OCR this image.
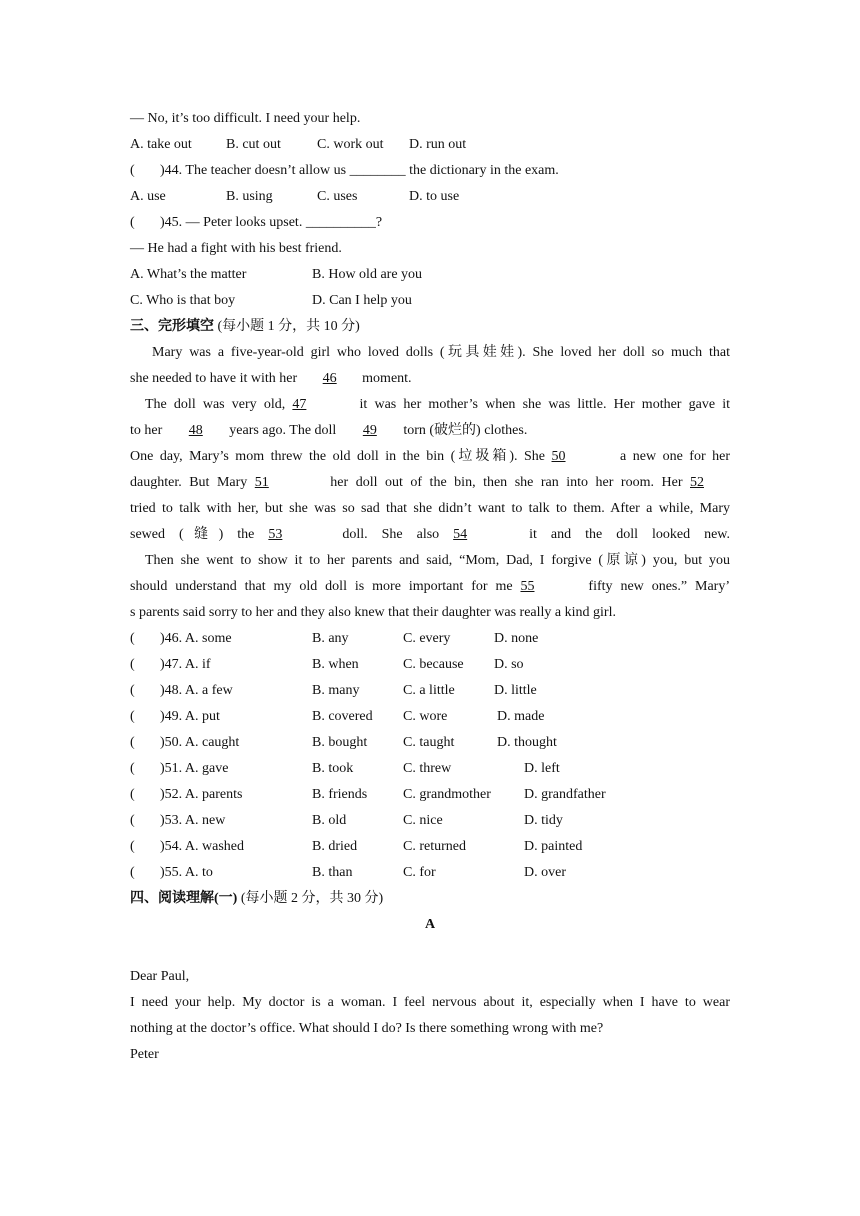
— No, it’s too difficult. I need your help.
A. take out B. cut out	C. work out D. run out
( )44. The teacher doesn’t allow us ________ the dictionary in the exam.
A. use	B. using	C. uses	D. to use
( )45. — Peter looks upset. __________?
— He had a fight with his best friend.
A. What’s the matter	B. How old are you
C. Who is that boy	D. Can I help you
三、完形填空 (每小题 1 分，共 10 分)
Mary was a five-year-old girl who loved dolls (玩具娃娃). She loved her doll so much that
she needed to have it with her 46 moment.
The doll was very old, 47	it was her mother’s when she was little. Her mother gave it
to her 48 years ago. The doll 49 torn (破烂的) clothes.
One day, Mary’s mom threw the old doll in the bin (垃圾箱). She 50	a new one for her
daughter. But Mary 51	her doll out of the bin, then she ran into her room. Her 52
tried to talk with her, but she was so sad that she didn’t want to talk to them. After a while, Mary
sewed (缝) the 53	doll. She also 54	it and the doll looked new.
Then she went to show it to her parents and said, “Mom, Dad, I forgive (原谅) you, but you
should understand that my old doll is more important for me 55	fifty new ones.” Mary’
s parents said sorry to her and they also knew that their daughter was really a kind girl.
( )46. A. some	B. any	C. every	D. none
( )47. A. if	B. when	C. because D. so
( )48. A. a few	B. many	C. a little	D. little
( )49. A. put	B. covered C. wore	D. made
( )50. A. caught	B. bought	C. taught	D. thought
( )51. A. gave	B. took	C. threw	D. left
( )52. A. parents	B. friends	C. grandmother D. grandfather
( )53. A. new	B. old	C. nice	D. tidy
( )54. A. washed	B. dried	C. returned	D. painted
( )55. A. to	B. than	C. for	D. over
四、阅读理解(一) (每小题 2 分，共 30 分)
A
Dear Paul,
I need your help. My doctor is a woman. I feel nervous about it, especially when I have to wear
nothing at the doctor’s office. What should I do? Is there something wrong with me?
Peter
